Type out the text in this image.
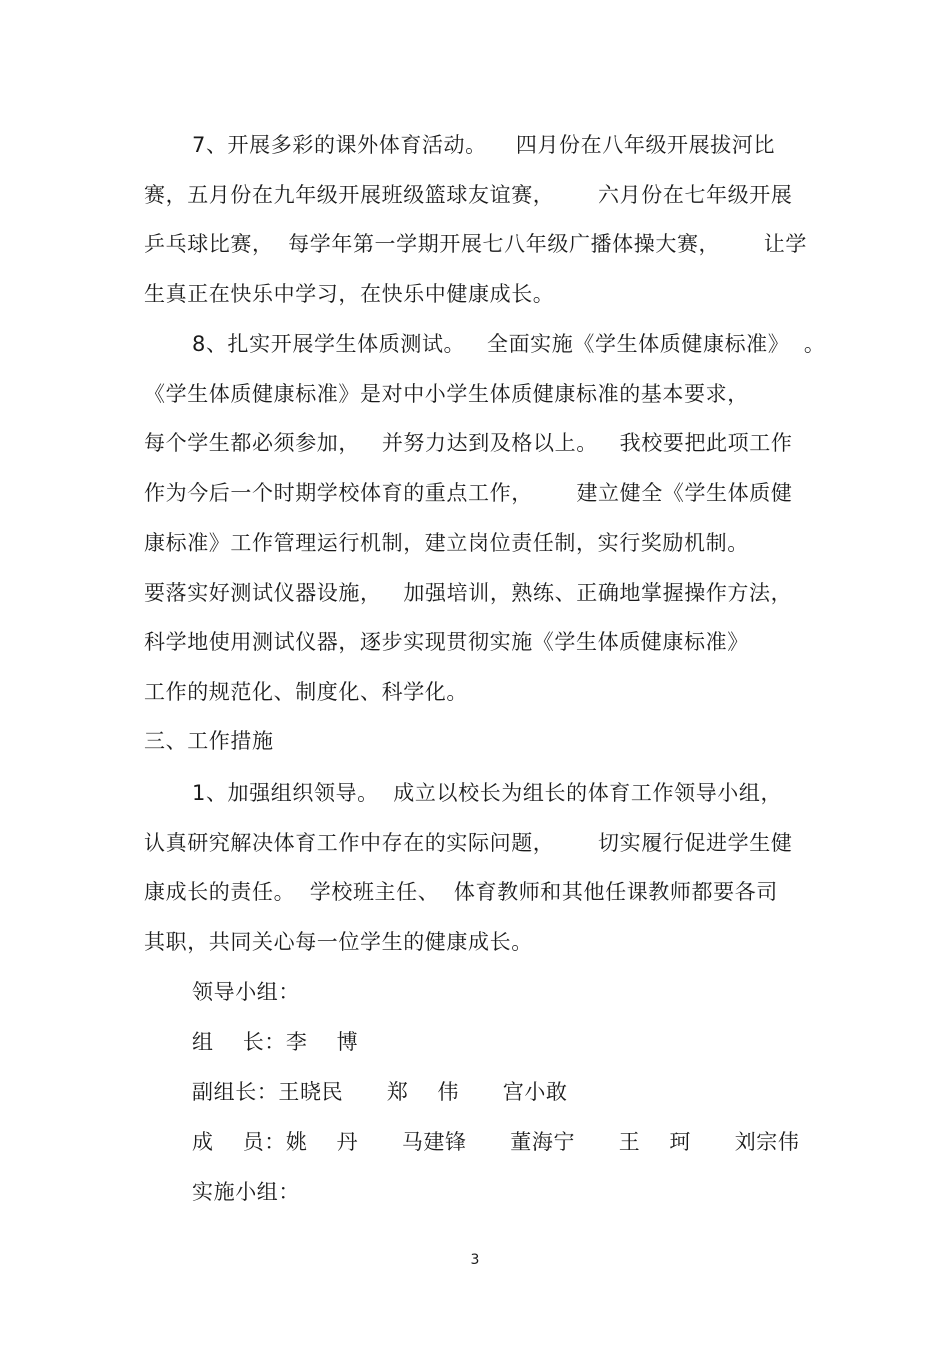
7、开展多彩的课外体育活动。    四月份在八年级开展拔河比
赛，五月份在九年级开展班级篮球友谊赛，      六月份在七年级开展
乒乓球比赛，  每学年第一学期开展七八年级广播体操大赛，      让学
生真正在快乐中学习，在快乐中健康成长。
8、扎实开展学生体质测试。   全面实施《学生体质健康标准》  。
《学生体质健康标准》是对中小学生体质健康标准的基本要求，
每个学生都必须参加，   并努力达到及格以上。   我校要把此项工作
作为今后一个时期学校体育的重点工作，      建立健全《学生体质健
康标准》工作管理运行机制，建立岗位责任制，实行奖励机制。
要落实好测试仪器设施，   加强培训，熟练、正确地掌握操作方法，
科学地使用测试仪器，逐步实现贯彻实施《学生体质健康标准》
工作的规范化、制度化、科学化。
三、工作措施
1、加强组织领导。  成立以校长为组长的体育工作领导小组，
认真研究解决体育工作中存在的实际问题，      切实履行促进学生健
康成长的责任。  学校班主任、  体育教师和其他任课教师都要各司
其职，共同关心每一位学生的健康成长。
领导小组：
组    长：李    博
副组长：王晓民      郑    伟      宫小敢
成    员：姚    丹      马建锋      董海宁      王    珂      刘宗伟
实施小组：
3
